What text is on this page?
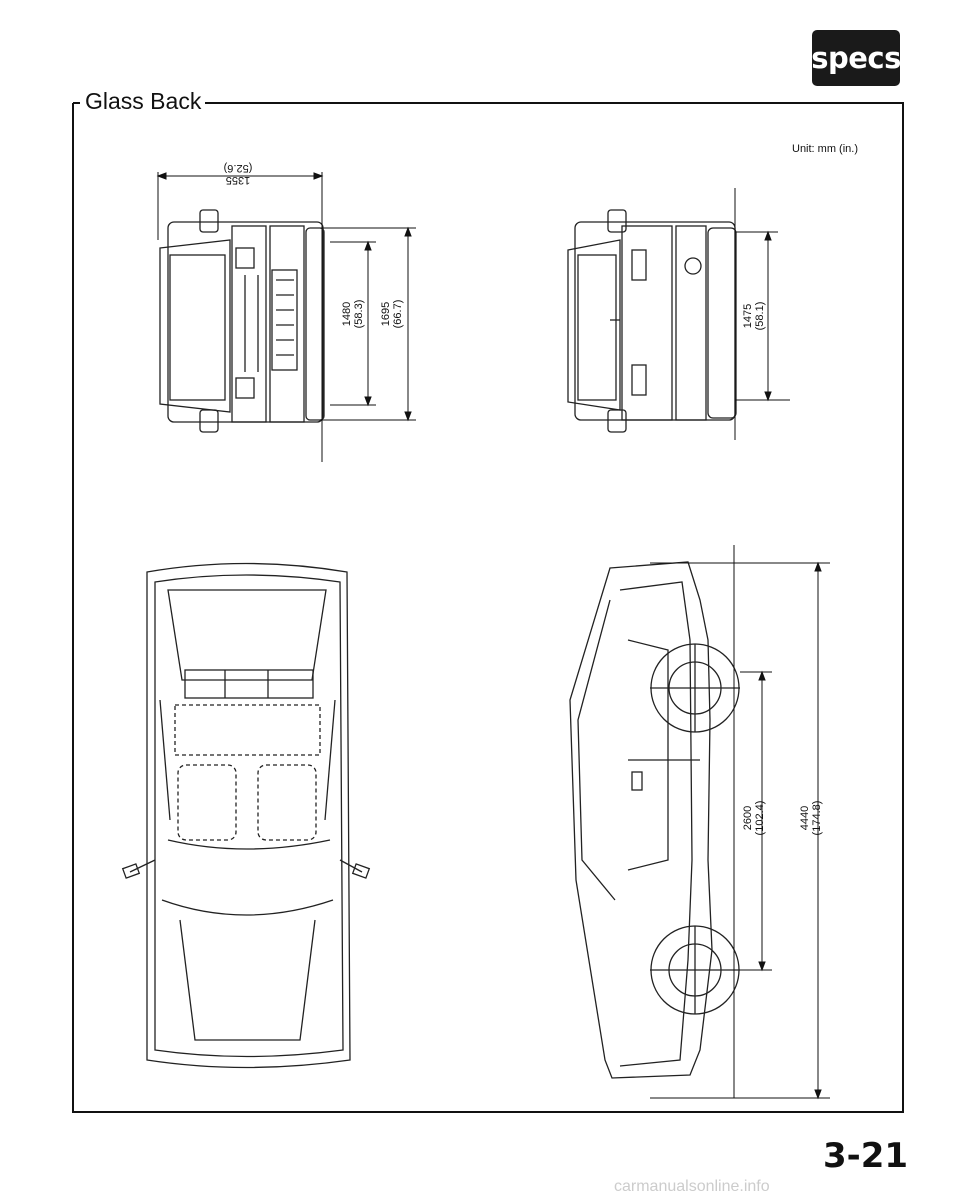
specs
Glass Back
Unit: mm (in.)
1355
(52.6)
1480 (58.3) 1695 (66.7)	1475 (58.1)
2600 (102.4)	4440 (174.8)
3-21
carmanualsonline.info
